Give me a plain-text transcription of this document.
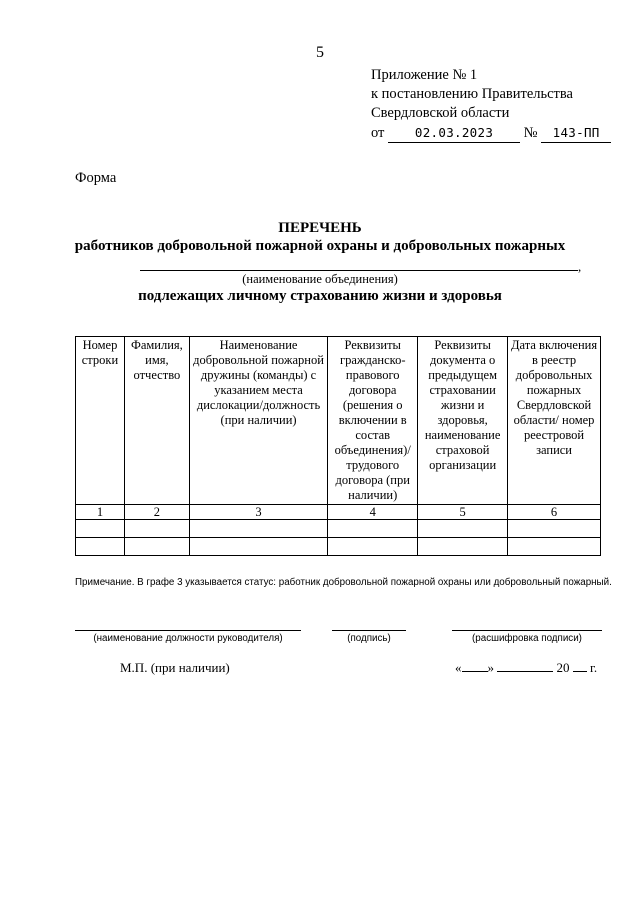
5
Приложение № 1
к постановлению Правительства
Свердловской области
от 02.03.2023 № 143-ПП
Форма
ПЕРЕЧЕНЬ
работников добровольной пожарной охраны и добровольных пожарных
,
(наименование объединения)
подлежащих личному страхованию жизни и здоровья
Номер строки	Фамилия, имя, отчество	Наименование добровольной пожарной дружины (команды) с указанием места дислокации/должность (при наличии)	Реквизиты гражданско-правового договора (решения о включении в состав объединения)/ трудового договора (при наличии)	Реквизиты документа о предыдущем страховании жизни и здоровья, наименование страховой организации	Дата включения в реестр добровольных пожарных Свердловской области/ номер реестровой записи
1	2	3	4	5	6

Примечание. В графе 3 указывается статус: работник добровольной пожарной охраны или добровольный пожарный.
(наименование должности руководителя)	(подпись)	(расшифровка подписи)
М.П. (при наличии)	« »	20 г.
